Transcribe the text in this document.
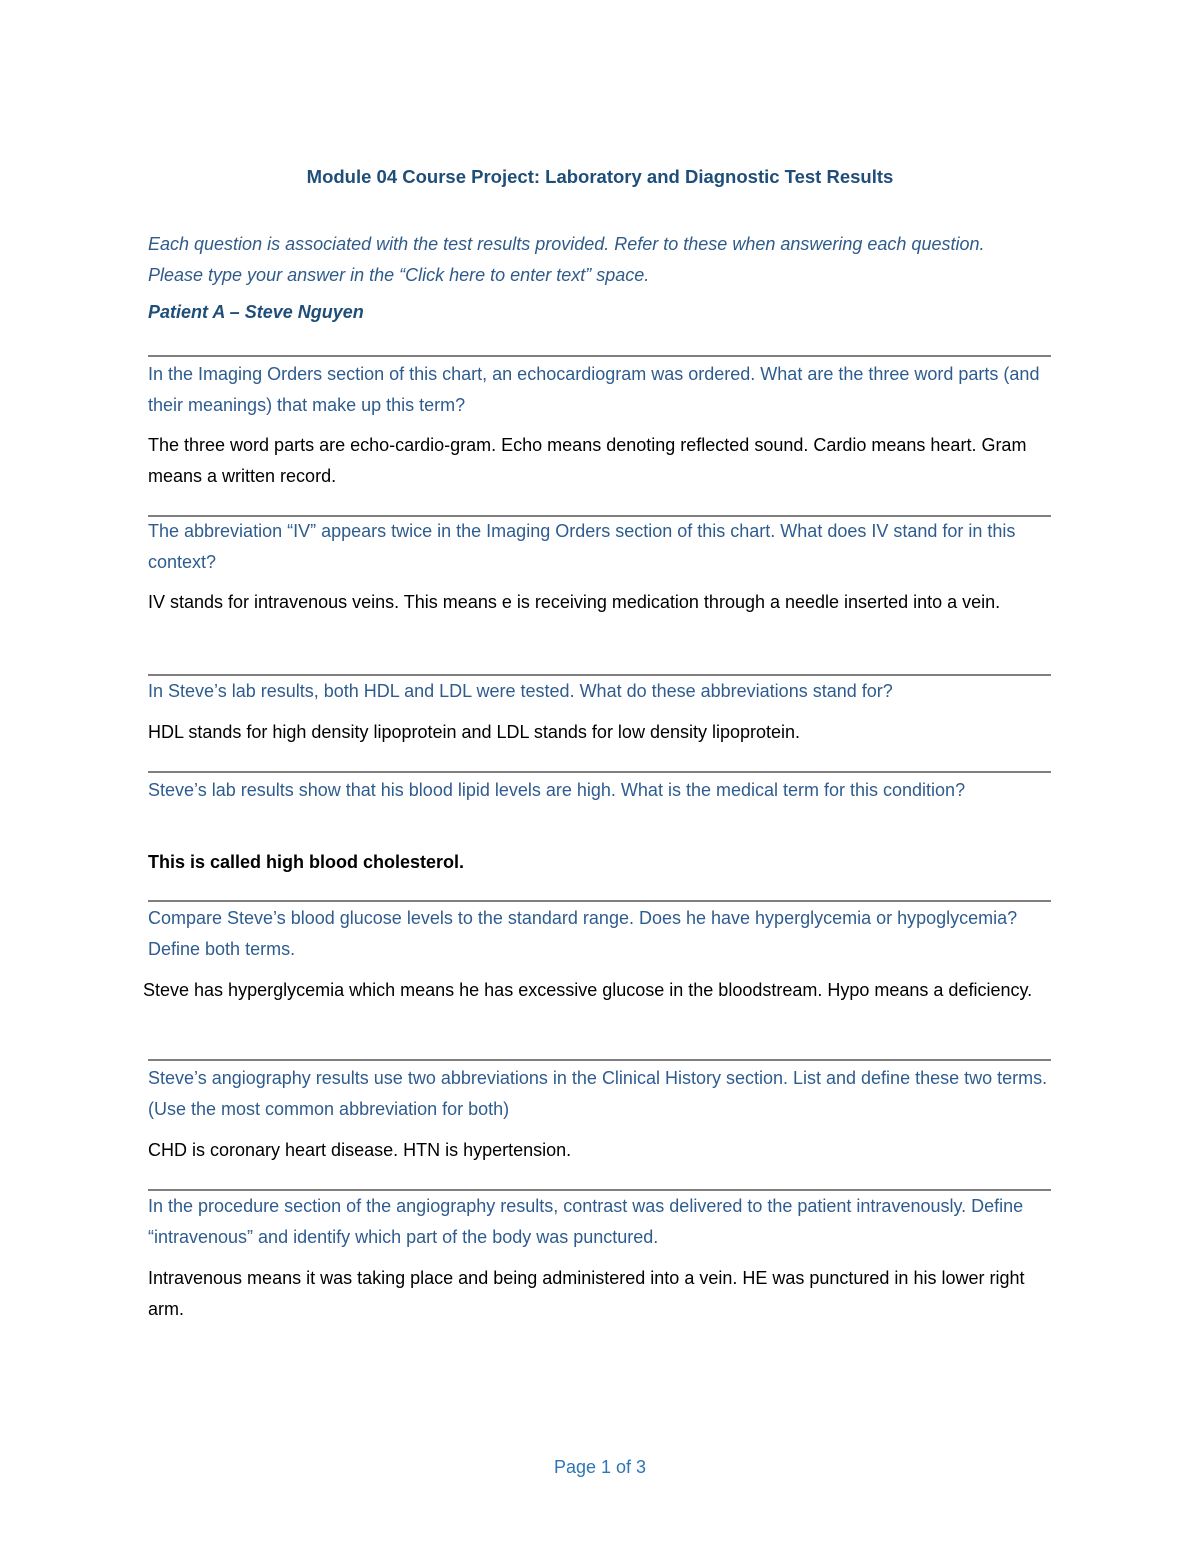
Module 04 Course Project: Laboratory and Diagnostic Test Results
Each question is associated with the test results provided. Refer to these when answering each question. Please type your answer in the “Click here to enter text” space.
Patient A – Steve Nguyen
In the Imaging Orders section of this chart, an echocardiogram was ordered. What are the three word parts (and their meanings) that make up this term?
The three word parts are echo-cardio-gram. Echo means denoting reflected sound. Cardio means heart. Gram means a written record.
The abbreviation “IV” appears twice in the Imaging Orders section of this chart. What does IV stand for in this context?
IV stands for intravenous veins. This means e is receiving medication through a needle inserted into a vein.
In Steve’s lab results, both HDL and LDL were tested. What do these abbreviations stand for?
HDL stands for high density lipoprotein and LDL stands for low density lipoprotein.
Steve’s lab results show that his blood lipid levels are high. What is the medical term for this condition?
This is called high blood cholesterol.
Compare Steve’s blood glucose levels to the standard range. Does he have hyperglycemia or hypoglycemia? Define both terms.
Steve has hyperglycemia which means he has excessive glucose in the bloodstream. Hypo means a deficiency.
Steve’s angiography results use two abbreviations in the Clinical History section. List and define these two terms. (Use the most common abbreviation for both)
CHD is coronary heart disease. HTN is hypertension.
In the procedure section of the angiography results, contrast was delivered to the patient intravenously. Define “intravenous” and identify which part of the body was punctured.
Intravenous means it was taking place and being administered into a vein. HE was punctured in his lower right arm.
Page 1 of 3
